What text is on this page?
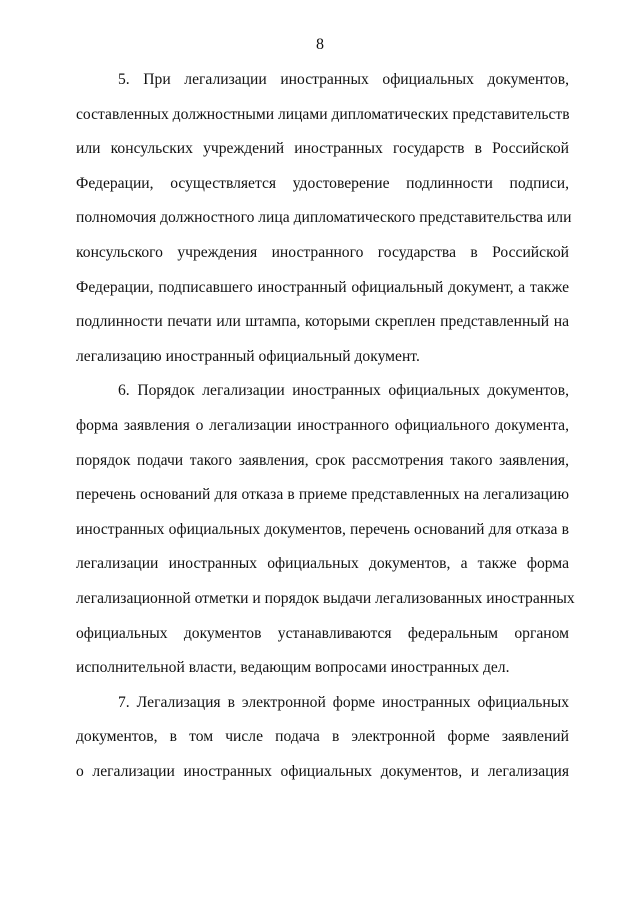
8
5. При легализации иностранных официальных документов,
составленных должностными лицами дипломатических представительств
или консульских учреждений иностранных государств в Российской
Федерации, осуществляется удостоверение подлинности подписи,
полномочия должностного лица дипломатического представительства или
консульского учреждения иностранного государства в Российской
Федерации, подписавшего иностранный официальный документ, а также
подлинности печати или штампа, которыми скреплен представленный на
легализацию иностранный официальный документ.
6. Порядок легализации иностранных официальных документов,
форма заявления о легализации иностранного официального документа,
порядок подачи такого заявления, срок рассмотрения такого заявления,
перечень оснований для отказа в приеме представленных на легализацию
иностранных официальных документов, перечень оснований для отказа в
легализации иностранных официальных документов, а также форма
легализационной отметки и порядок выдачи легализованных иностранных
официальных документов устанавливаются федеральным органом
исполнительной власти, ведающим вопросами иностранных дел.
7. Легализация в электронной форме иностранных официальных
документов, в том числе подача в электронной форме заявлений
о легализации иностранных официальных документов, и легализация
